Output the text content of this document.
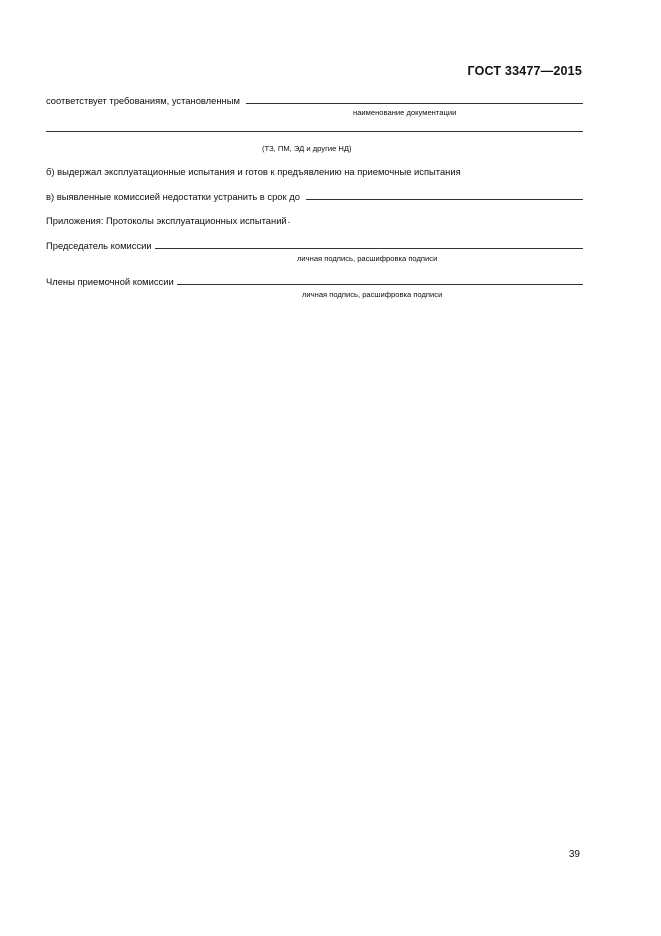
ГОСТ 33477—2015
соответствует требованиям, установленным
наименование документации
(ТЗ, ПМ, ЭД и другие НД)
б) выдержал эксплуатационные испытания и готов к предъявлению на приемочные испытания
в) выявленные комиссией недостатки устранить в срок до
Приложения: Протоколы эксплуатационных испытаний .
Председатель комиссии
личная подпись, расшифровка подписи
Члены приемочной комиссии
личная подпись, расшифровка подписи
39
